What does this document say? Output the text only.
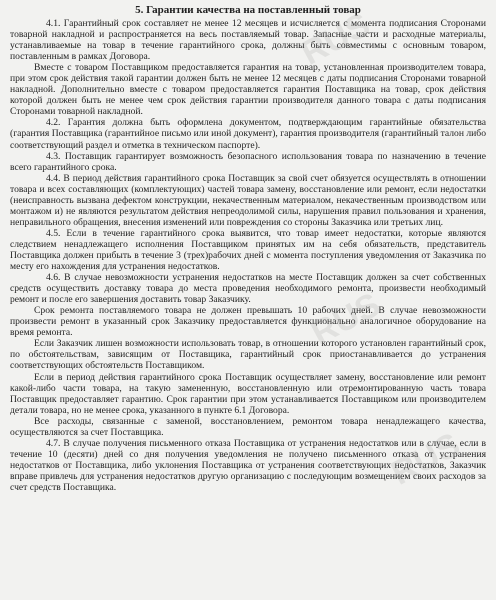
RUS
RUS
RUS
5. Гарантии качества на поставленный товар

4.1. Гарантийный срок составляет не менее 12 месяцев и исчисляется с момента подписания Сторонами товарной накладной и распространяется на весь поставляемый товар. Запасные части и расходные материалы, устанавливаемые на товар в течение гарантийного срока, должны быть совместимы с основным товаром, поставленным в рамках Договора.

Вместе с товаром Поставщиком предоставляется гарантия на товар, установленная производителем товара, при этом срок действия такой гарантии должен быть не менее 12 месяцев с даты подписания Сторонами товарной накладной. Дополнительно вместе с товаром предоставляется гарантия Поставщика на товар, срок действия которой должен быть не менее чем срок действия гарантии производителя данного товара с даты подписания Сторонами товарной накладной.

4.2. Гарантия должна быть оформлена документом, подтверждающим гарантийные обязательства (гарантия Поставщика (гарантийное письмо или иной документ), гарантия производителя (гарантийный талон либо соответствующий раздел и отметка в техническом паспорте).

4.3. Поставщик гарантирует возможность безопасного использования товара по назначению в течение всего гарантийного срока.

4.4. В период действия гарантийного срока Поставщик за свой счет обязуется осуществлять в отношении товара и всех составляющих (комплектующих) частей товара замену, восстановление или ремонт, если недостатки (неисправность вызвана дефектом конструкции, некачественным материалом, некачественным производством или монтажом и) не являются результатом действия непреодолимой силы, нарушения правил пользования и хранения, неправильного обращения, внесения изменений или повреждения со стороны Заказчика или третьих лиц.

4.5. Если в течение гарантийного срока выявится, что товар имеет недостатки, которые являются следствием ненадлежащего исполнения Поставщиком принятых им на себя обязательств, представитель Поставщика должен прибыть в течение 3 (трех)рабочих дней с момента поступления уведомления от Заказчика по месту его нахождения для устранения недостатков.

4.6. В случае невозможности устранения недостатков на месте Поставщик должен за счет собственных средств осуществить доставку товара до места проведения необходимого ремонта, произвести необходимый ремонт и после его завершения доставить товар Заказчику.

Срок ремонта поставляемого товара не должен превышать 10 рабочих дней. В случае невозможности произвести ремонт в указанный срок Заказчику предоставляется функционально аналогичное оборудование на время ремонта.

Если Заказчик лишен возможности использовать товар, в отношении которого установлен гарантийный срок, по обстоятельствам, зависящим от Поставщика, гарантийный срок приостанавливается до устранения соответствующих обстоятельств Поставщиком.

Если в период действия гарантийного срока Поставщик осуществляет замену, восстановление или ремонт какой-либо части товара, на такую замененную, восстановленную или отремонтированную часть товара Поставщик предоставляет гарантию. Срок гарантии при этом устанавливается Поставщиком или производителем детали товара, но не менее срока, указанного в пункте 6.1 Договора.

Все расходы, связанные с заменой, восстановлением, ремонтом товара ненадлежащего качества, осуществляются за счет Поставщика.

4.7. В случае получения письменного отказа Поставщика от устранения недостатков или в случае, если в течение 10 (десяти) дней со дня получения уведомления не получено письменного отказа от устранения недостатков от Поставщика, либо уклонения Поставщика от устранения соответствующих недостатков, Заказчик вправе привлечь для устранения недостатков другую организацию с последующим возмещением своих расходов за счет средств Поставщика.
